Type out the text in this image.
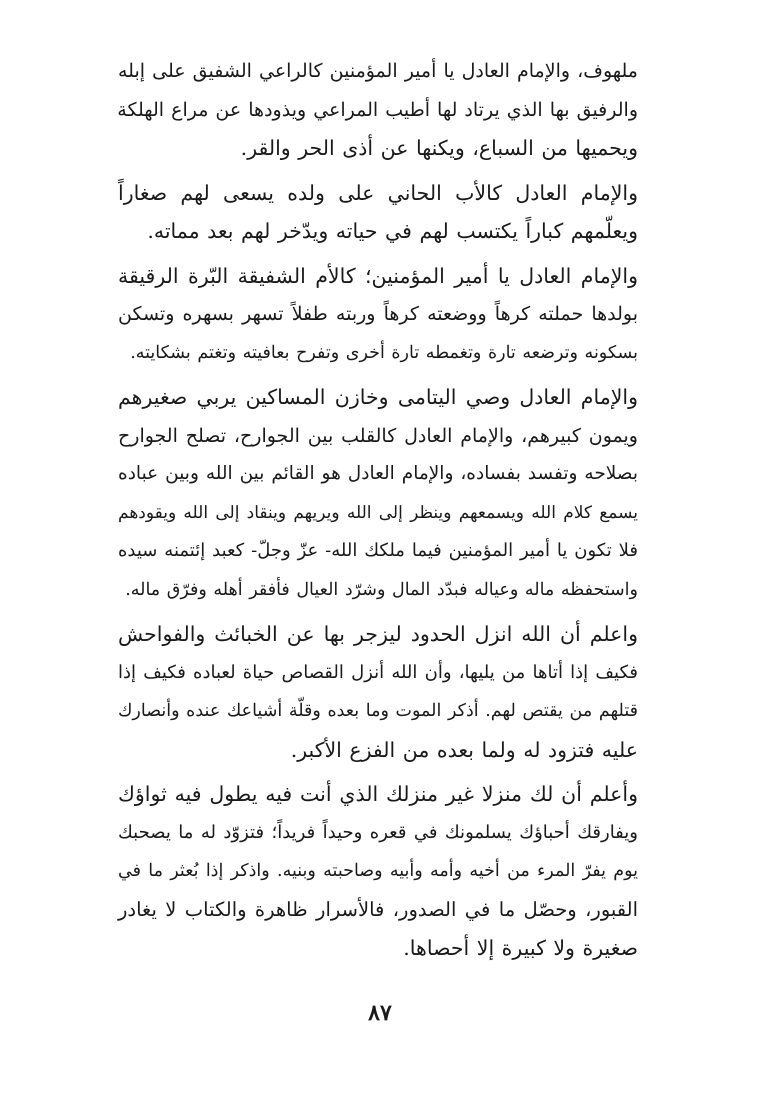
ملهوف، والإمام العادل يا أمير المؤمنين كالراعي الشفيق على إبله
والرفيق بها الذي يرتاد لها أطيب المراعي ويذودها عن مراع الهلكة
ويحميها من السباع، ويكنها عن أذى الحر والقر.
والإمام العادل كالأب الحاني على ولده يسعى لهم صغاراً
ويعلّمهم كباراً يكتسب لهم في حياته ويدّخر لهم بعد مماته.
والإمام العادل يا أمير المؤمنين؛ كالأم الشفيقة البّرة الرقيقة
بولدها حملته كرهاً ووضعته كرهاً وربته طفلاً تسهر بسهره وتسكن
بسكونه وترضعه تارة وتغمطه تارة أخرى وتفرح بعافيته وتغتم بشكايته.
والإمام العادل وصي اليتامى وخازن المساكين يربي صغيرهم
ويمون كبيرهم، والإمام العادل كالقلب بين الجوارح، تصلح الجوارح
بصلاحه وتفسد بفساده، والإمام العادل هو القائم بين الله وبين عباده
يسمع كلام الله ويسمعهم وينظر إلى الله ويريهم وينقاد إلى الله ويقودهم
فلا تكون يا أمير المؤمنين فيما ملكك الله- عزّ وجلّ- كعبد إئتمنه سيده
واستحفظه ماله وعياله فبدّد المال وشرّد العيال فأفقر أهله وفرّق ماله.
واعلم أن الله انزل الحدود ليزجر بها عن الخبائث والفواحش
فكيف إذا أتاها من يليها، وأن الله أنزل القصاص حياة لعباده فكيف إذا
قتلهم من يقتص لهم. أذكر الموت وما بعده وقلّة أشياعك عنده وأنصارك
عليه فتزود له ولما بعده من الفزع الأكبر.
وأعلم أن لك منزلا غير منزلك الذي أنت فيه يطول فيه ثواؤك
ويفارقك أحباؤك يسلمونك في قعره وحيداً فريداً؛ فتزوّد له ما يصحبك
يوم يفرّ المرء من أخيه وأمه وأبيه وصاحبته وبنيه. واذكر إذا بُعثر ما في
القبور، وحصّل ما في الصدور، فالأسرار ظاهرة والكتاب لا يغادر
صغيرة ولا كبيرة إلا أحصاها.
٨٧
